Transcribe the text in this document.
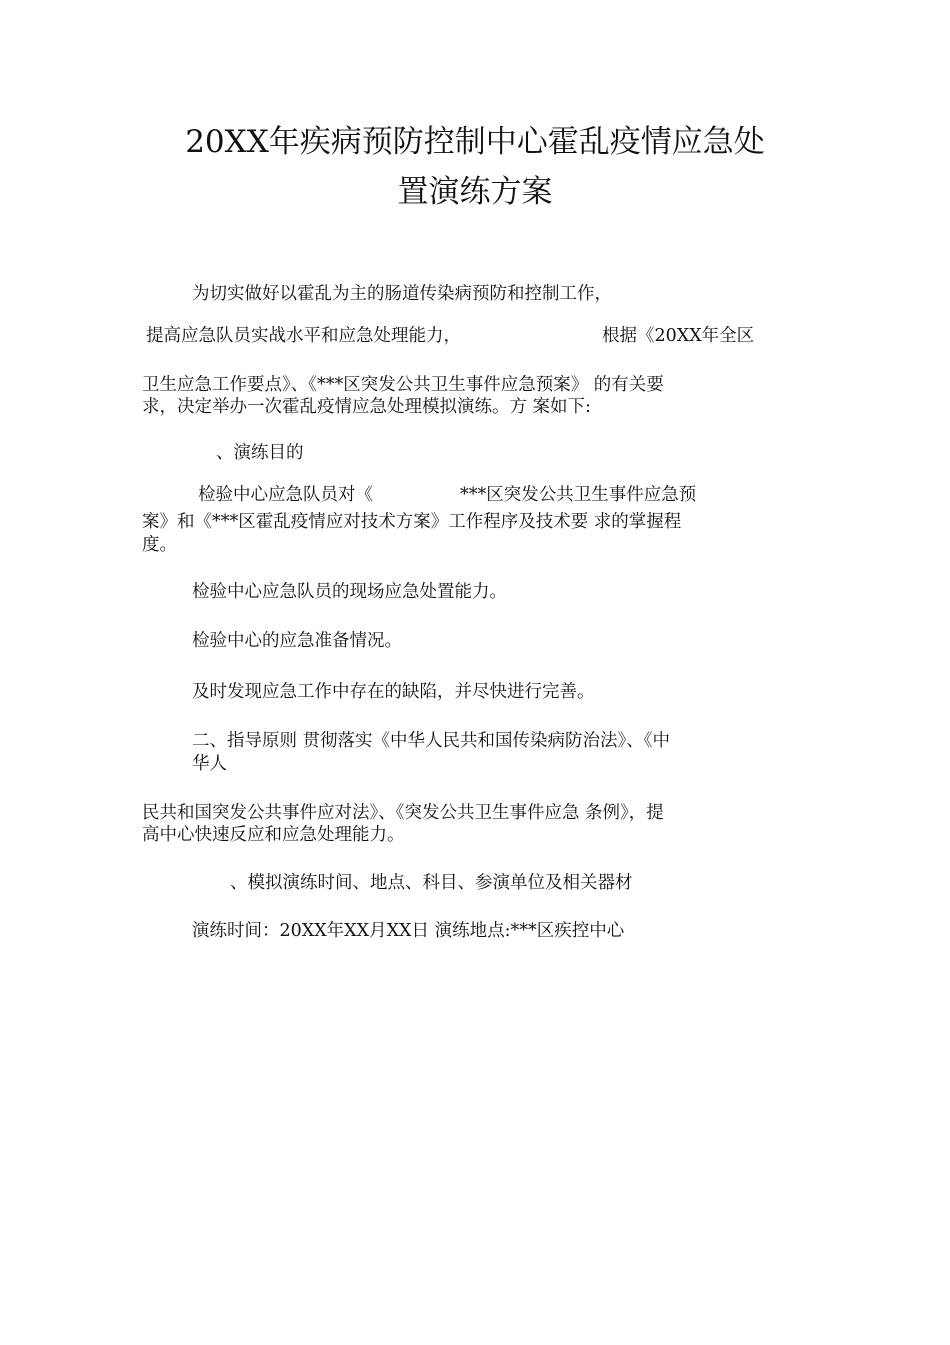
20XX年疾病预防控制中心霍乱疫情应急处
置演练方案

为切实做好以霍乱为主的肠道传染病预防和控制工作，

提高应急队员实战水平和应急处理能力，	根据《20XX年全区

卫生应急工作要点》、《***区突发公共卫生事件应急预案》 的有关要

求，决定举办一次霍乱疫情应急处理模拟演练。方 案如下:

、演练目的

检验中心应急队员对《	***区突发公共卫生事件应急预

案》和《***区霍乱疫情应对技术方案》工作程序及技术要 求的掌握程

度。

检验中心应急队员的现场应急处置能力。

检验中心的应急准备情况。

及时发现应急工作中存在的缺陷，并尽快进行完善。

二、指导原则 贯彻落实《中华人民共和国传染病防治法》、《中

华人

民共和国突发公共事件应对法》、《突发公共卫生事件应急 条例》，提

高中心快速反应和应急处理能力。

、模拟演练时间、地点、科目、参演单位及相关器材

演练时间：20XX年XX月XX日 演练地点:***区疾控中心
